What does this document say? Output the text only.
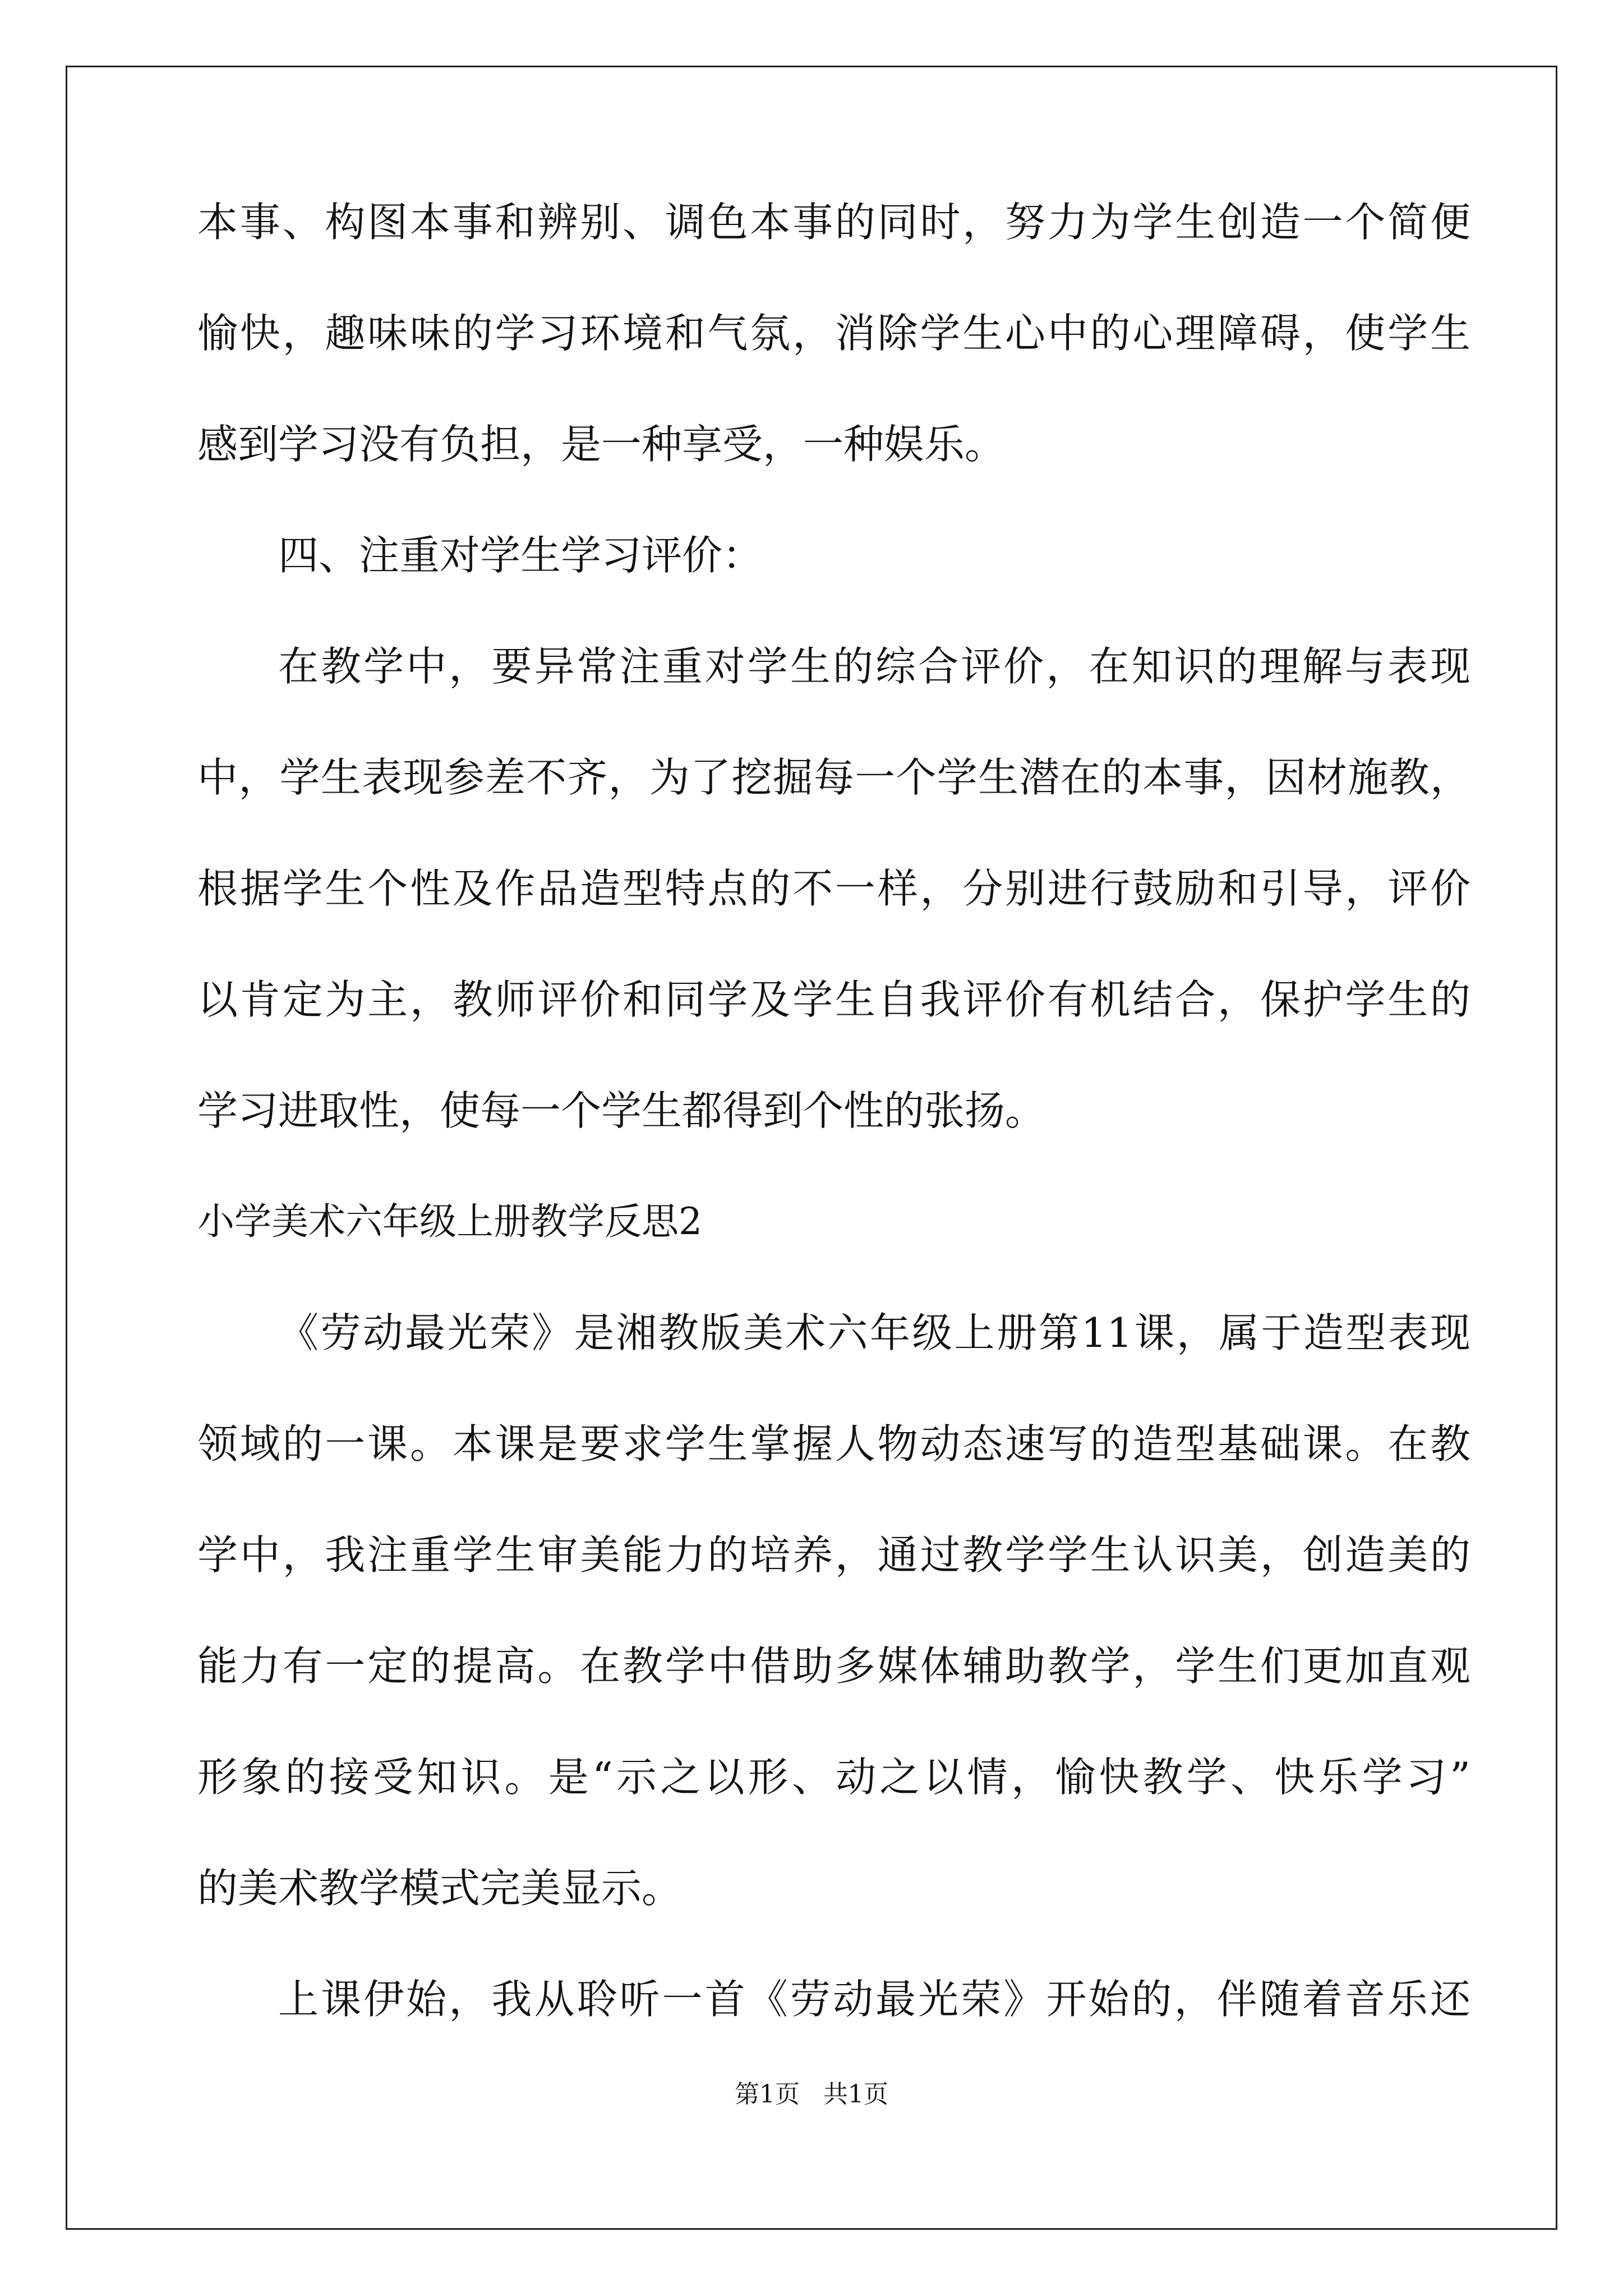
本事、构图本事和辨别、调色本事的同时，努力为学生创造一个简便
愉快，趣味味的学习环境和气氛，消除学生心中的心理障碍，使学生
感到学习没有负担，是一种享受，一种娱乐。
四、注重对学生学习评价：
在教学中，要异常注重对学生的综合评价，在知识的理解与表现
中，学生表现参差不齐，为了挖掘每一个学生潜在的本事，因材施教，
根据学生个性及作品造型特点的不一样，分别进行鼓励和引导，评价
以肯定为主，教师评价和同学及学生自我评价有机结合，保护学生的
学习进取性，使每一个学生都得到个性的张扬。
小学美术六年级上册教学反思2
《劳动最光荣》是湘教版美术六年级上册第11课，属于造型表现
领域的一课。本课是要求学生掌握人物动态速写的造型基础课。在教
学中，我注重学生审美能力的培养，通过教学学生认识美，创造美的
能力有一定的提高。在教学中借助多媒体辅助教学，学生们更加直观
形象的接受知识。是“示之以形、动之以情，愉快教学、快乐学习”
的美术教学模式完美显示。
上课伊始，我从聆听一首《劳动最光荣》开始的，伴随着音乐还
第1页 共1页
